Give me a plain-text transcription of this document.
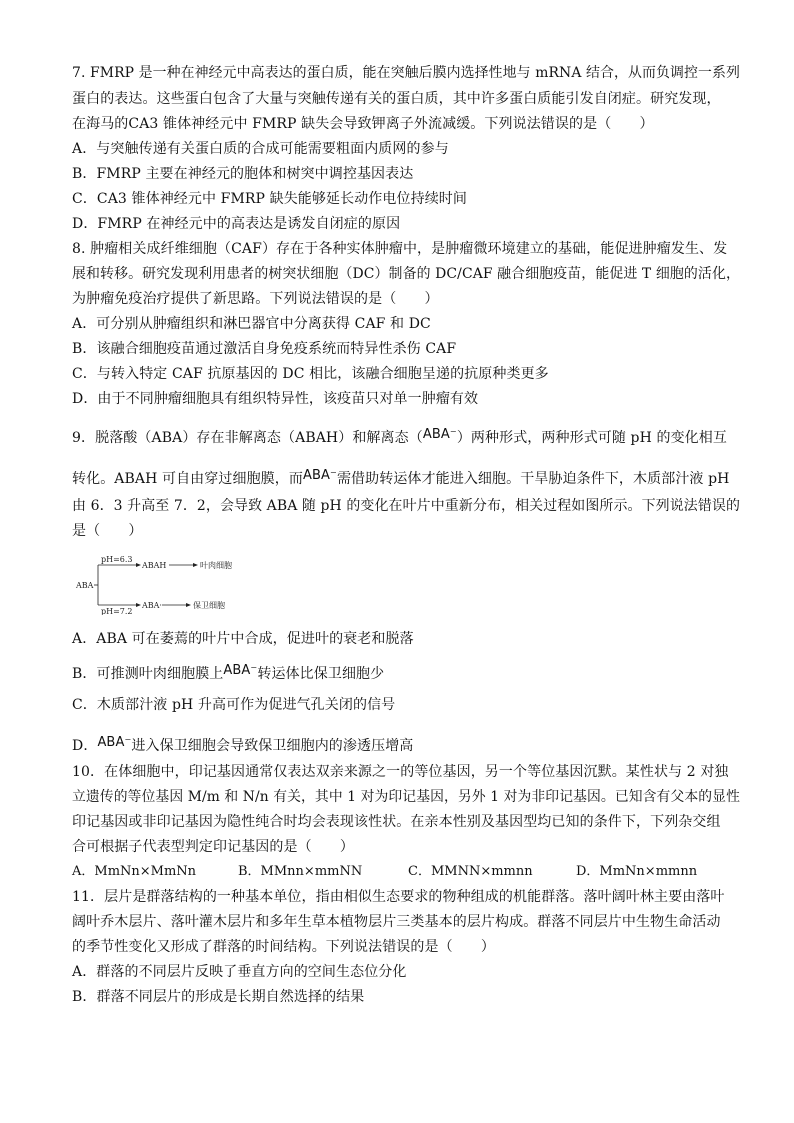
7. FMRP 是一种在神经元中高表达的蛋白质，能在突触后膜内选择性地与 mRNA 结合，从而负调控一系列
蛋白的表达。这些蛋白包含了大量与突触传递有关的蛋白质，其中许多蛋白质能引发自闭症。研究发现，
在海马的CA3 锥体神经元中 FMRP 缺失会导致钾离子外流减缓。下列说法错误的是（　　）
A．与突触传递有关蛋白质的合成可能需要粗面内质网的参与
B．FMRP 主要在神经元的胞体和树突中调控基因表达
C．CA3 锥体神经元中 FMRP 缺失能够延长动作电位持续时间
D．FMRP 在神经元中的高表达是诱发自闭症的原因
8. 肿瘤相关成纤维细胞（CAF）存在于各种实体肿瘤中，是肿瘤微环境建立的基础，能促进肿瘤发生、发
展和转移。研究发现利用患者的树突状细胞（DC）制备的 DC/CAF 融合细胞疫苗，能促进 T 细胞的活化，
为肿瘤免疫治疗提供了新思路。下列说法错误的是（　　）
A．可分别从肿瘤组织和淋巴器官中分离获得 CAF 和 DC
B．该融合细胞疫苗通过激活自身免疫系统而特异性杀伤 CAF
C．与转入特定 CAF 抗原基因的 DC 相比，该融合细胞呈递的抗原种类更多
D．由于不同肿瘤细胞具有组织特异性，该疫苗只对单一肿瘤有效
9．脱落酸（ABA）存在非解离态（ABAH）和解离态（ABA⁻）两种形式，两种形式可随 pH 的变化相互
转化。ABAH 可自由穿过细胞膜，而ABA⁻需借助转运体才能进入细胞。干旱胁迫条件下，木质部汁液 pH
由 6．3 升高至 7．2，会导致 ABA 随 pH 的变化在叶片中重新分布，相关过程如图所示。下列说法错误的
是（　　）
ABA
pH=6.3
pH=7.2
ABAH
ABA·
叶肉细胞
保卫细胞
A．ABA 可在萎蔫的叶片中合成，促进叶的衰老和脱落
B．可推测叶肉细胞膜上ABA⁻转运体比保卫细胞少
C．木质部汁液 pH 升高可作为促进气孔关闭的信号
D．ABA⁻进入保卫细胞会导致保卫细胞内的渗透压增高
10．在体细胞中，印记基因通常仅表达双亲来源之一的等位基因，另一个等位基因沉默。某性状与 2 对独
立遗传的等位基因 M/m 和 N/n 有关，其中 1 对为印记基因，另外 1 对为非印记基因。已知含有父本的显性
印记基因或非印记基因为隐性纯合时均会表现该性状。在亲本性别及基因型均已知的条件下，下列杂交组
合可根据子代表型判定印记基因的是（　　）
A．MmNn×MmNn	B．MMnn×mmNN	C．MMNN×mmnn	D．MmNn×mmnn
11．层片是群落结构的一种基本单位，指由相似生态要求的物种组成的机能群落。落叶阔叶林主要由落叶
阔叶乔木层片、落叶灌木层片和多年生草本植物层片三类基本的层片构成。群落不同层片中生物生命活动
的季节性变化又形成了群落的时间结构。下列说法错误的是（　　）
A．群落的不同层片反映了垂直方向的空间生态位分化
B．群落不同层片的形成是长期自然选择的结果
